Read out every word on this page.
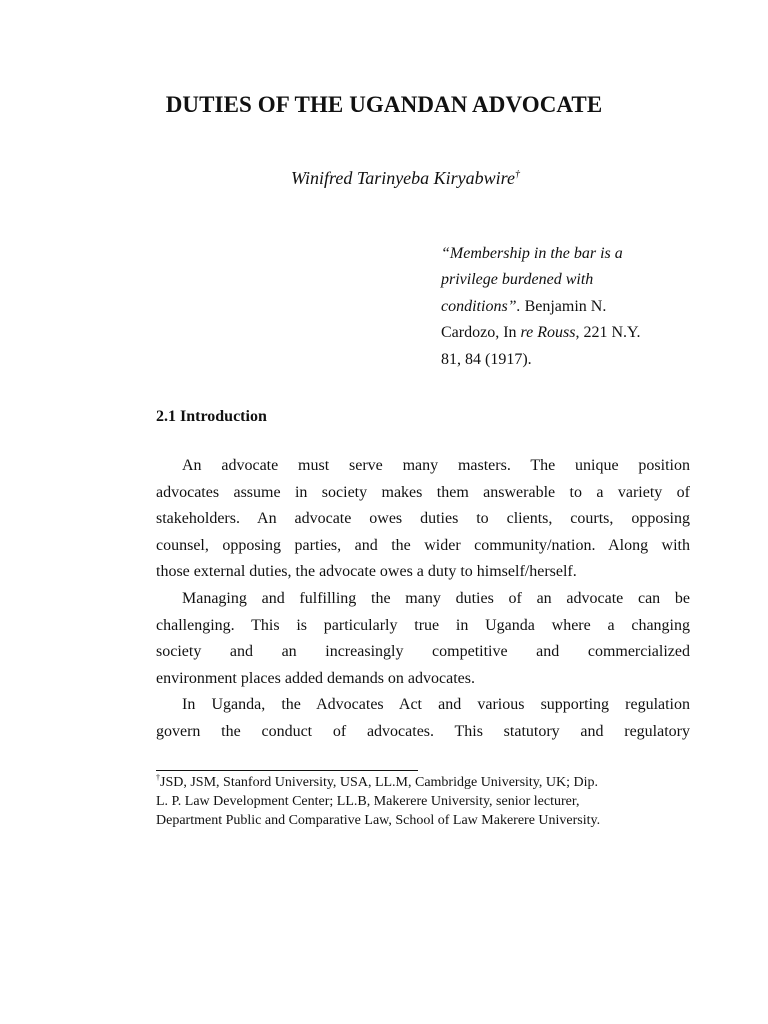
DUTIES OF THE UGANDAN ADVOCATE

Winifred Tarinyeba Kiryabwire†

“Membership in the bar is a
privilege burdened with
conditions”. Benjamin N.
Cardozo, In re Rouss, 221 N.Y.
81, 84 (1917).
2.1 Introduction
An advocate must serve many masters. The unique position
advocates assume in society makes them answerable to a variety of
stakeholders. An advocate owes duties to clients, courts, opposing
counsel, opposing parties, and the wider community/nation. Along with
those external duties, the advocate owes a duty to himself/herself.
Managing and fulfilling the many duties of an advocate can be
challenging. This is particularly true in Uganda where a changing
society and an increasingly competitive and commercialized
environment places added demands on advocates.
In Uganda, the Advocates Act and various supporting regulation
govern the conduct of advocates. This statutory and regulatory
†JSD, JSM, Stanford University, USA, LL.M, Cambridge University, UK; Dip.
L. P. Law Development Center; LL.B, Makerere University, senior lecturer,
Department Public and Comparative Law, School of Law Makerere University.
